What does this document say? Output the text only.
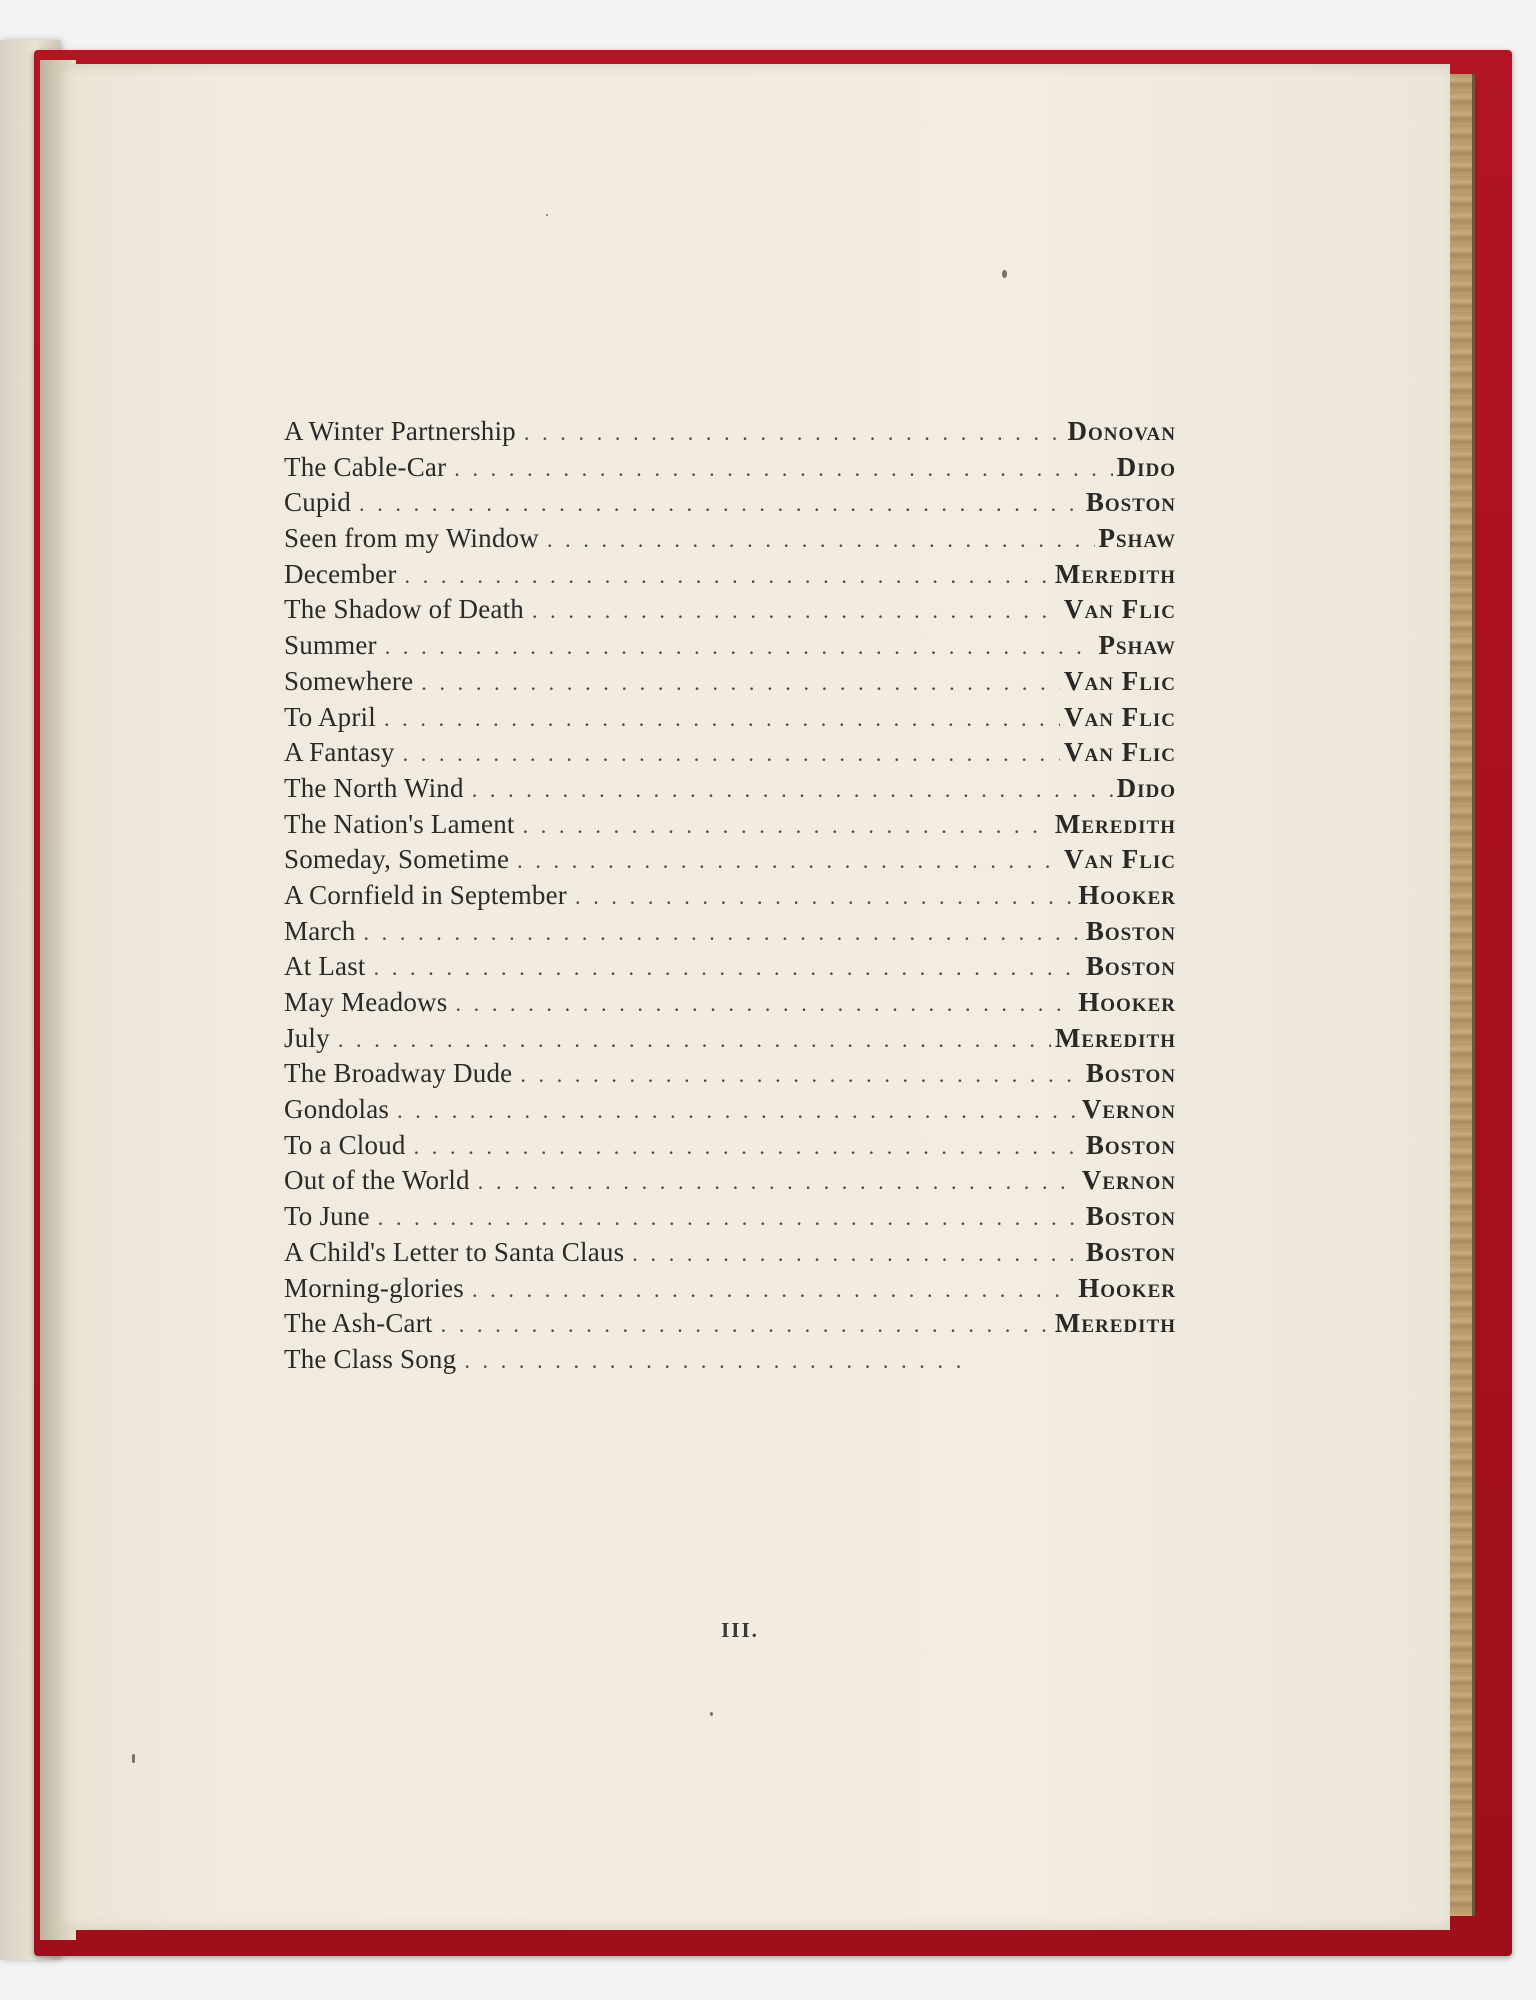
A Winter Partnership . . .	Donovan
The Cable-Car . . .	Dido
Cupid . . .	Boston
Seen from my Window . . .	Pshaw
December . . .	Meredith
The Shadow of Death . . .	Van Flic
Summer . . .	Pshaw
Somewhere . . .	Van Flic
To April . . .	Van Flic
A Fantasy . . .	Van Flic
The North Wind . . .	Dido
The Nation's Lament . . .	Meredith
Someday, Sometime . . .	Van Flic
A Cornfield in September . . .	Hooker
March . . .	Boston
At Last . . .	Boston
May Meadows . . .	Hooker
July . . .	Meredith
The Broadway Dude . . .	Boston
Gondolas . . .	Vernon
To a Cloud . . .	Boston
Out of the World . . .	Vernon
To June . . .	Boston
A Child's Letter to Santa Claus . . .	Boston
Morning-glories . . .	Hooker
The Ash-Cart . . .	Meredith
The Class Song
. . .
III.
